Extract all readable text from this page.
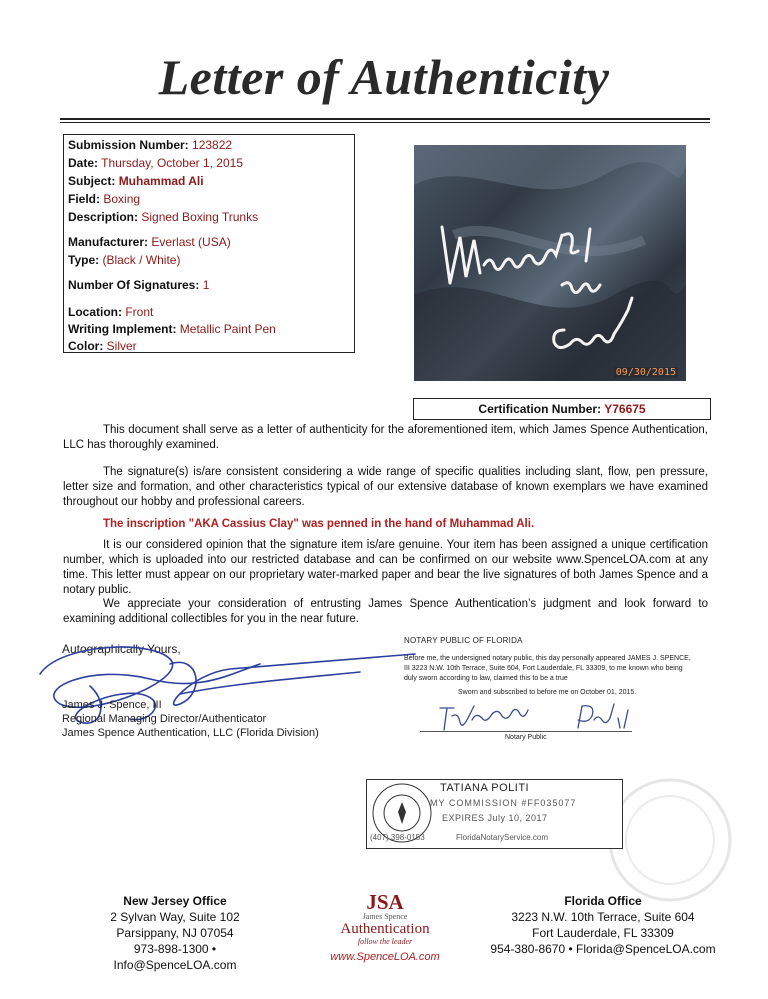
Letter of Authenticity
Submission Number: 123822
Date: Thursday, October 1, 2015
Subject: Muhammad Ali
Field: Boxing
Description: Signed Boxing Trunks
Manufacturer: Everlast (USA)
Type: (Black / White)
Number Of Signatures: 1
Location: Front
Writing Implement: Metallic Paint Pen
Color: Silver
09/30/2015
Certification Number: Y76675
This document shall serve as a letter of authenticity for the aforementioned item, which James Spence Authentication, LLC has thoroughly examined.
The signature(s) is/are consistent considering a wide range of specific qualities including slant, flow, pen pressure, letter size and formation, and other characteristics typical of our extensive database of known exemplars we have examined throughout our hobby and professional careers.
The inscription "AKA Cassius Clay" was penned in the hand of Muhammad Ali.
It is our considered opinion that the signature item is/are genuine. Your item has been assigned a unique certification number, which is uploaded into our restricted database and can be confirmed on our website www.SpenceLOA.com at any time. This letter must appear on our proprietary water-marked paper and bear the live signatures of both James Spence and a notary public.
We appreciate your consideration of entrusting James Spence Authentication’s judgment and look forward to examining additional collectibles for you in the near future.
Autographically Yours,
James J. Spence, III
Regional Managing Director/Authenticator
James Spence Authentication, LLC (Florida Division)
NOTARY PUBLIC OF FLORIDA
Before me, the undersigned notary public, this day personally appeared JAMES J. SPENCE, III 3223 N.W. 10th Terrace, Suite 604, Fort Lauderdale, FL 33309, to me known who being duly sworn according to law, claimed this to be a true
Sworn and subscribed to before me on October 01, 2015.
Notary Public
TATIANA POLITI
MY COMMISSION #FF035077
EXPIRES July 10, 2017
(407) 398-0153	FloridaNotaryService.com
New Jersey Office
2 Sylvan Way, Suite 102
Parsippany, NJ 07054
973-898-1300 • Info@SpenceLOA.com
JSA
James Spence
Authentication
follow the leader
www.SpenceLOA.com
Florida Office
3223 N.W. 10th Terrace, Suite 604
Fort Lauderdale, FL 33309
954-380-8670 • Florida@SpenceLOA.com
